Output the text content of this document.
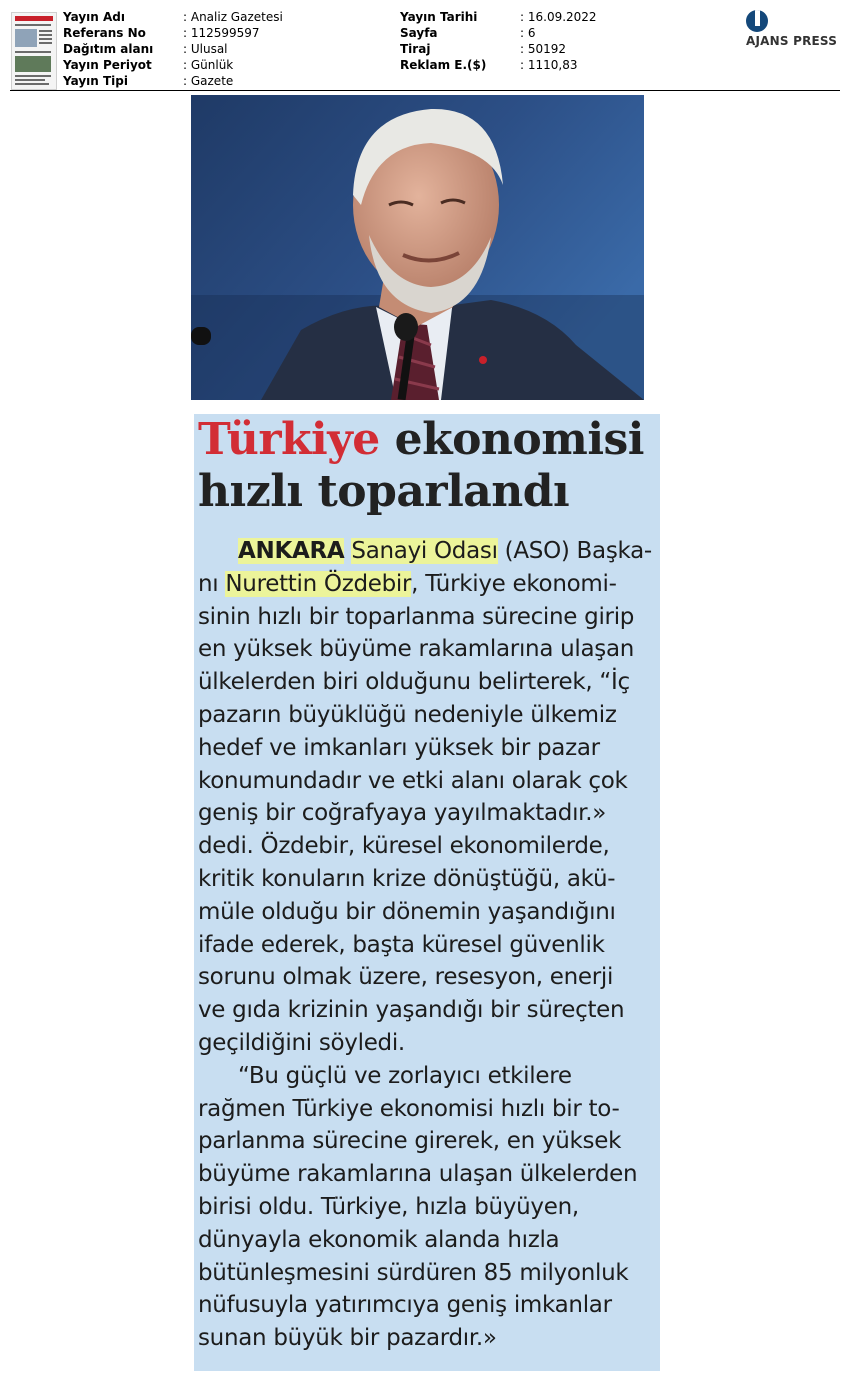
Yayın Adı	: Analiz Gazetesi
Referans No	: 112599597
Dağıtım alanı	: Ulusal
Yayın Periyot	: Günlük
Yayın Tipi	: Gazete
Yayın Tarihi	: 16.09.2022
Sayfa	: 6
Tiraj	: 50192
Reklam E.($)	: 1110,83
AJANS PRESS
Türkiye ekonomisi
hızlı toparlandı
ANKARA Sanayi Odası (ASO) Başka-
nı Nurettin Özdebir, Türkiye ekonomi-
sinin hızlı bir toparlanma sürecine girip
en yüksek büyüme rakamlarına ulaşan
ülkelerden biri olduğunu belirterek, “İç
pazarın büyüklüğü nedeniyle ülkemiz
hedef ve imkanları yüksek bir pazar
konumundadır ve etki alanı olarak çok
geniş bir coğrafyaya yayılmaktadır.»
dedi. Özdebir, küresel ekonomilerde,
kritik konuların krize dönüştüğü, akü-
müle olduğu bir dönemin yaşandığını
ifade ederek, başta küresel güvenlik
sorunu olmak üzere, resesyon, enerji
ve gıda krizinin yaşandığı bir süreçten
geçildiğini söyledi.
“Bu güçlü ve zorlayıcı etkilere
rağmen Türkiye ekonomisi hızlı bir to-
parlanma sürecine girerek, en yüksek
büyüme rakamlarına ulaşan ülkelerden
birisi oldu. Türkiye, hızla büyüyen,
dünyayla ekonomik alanda hızla
bütünleşmesini sürdüren 85 milyonluk
nüfusuyla yatırımcıya geniş imkanlar
sunan büyük bir pazardır.»
